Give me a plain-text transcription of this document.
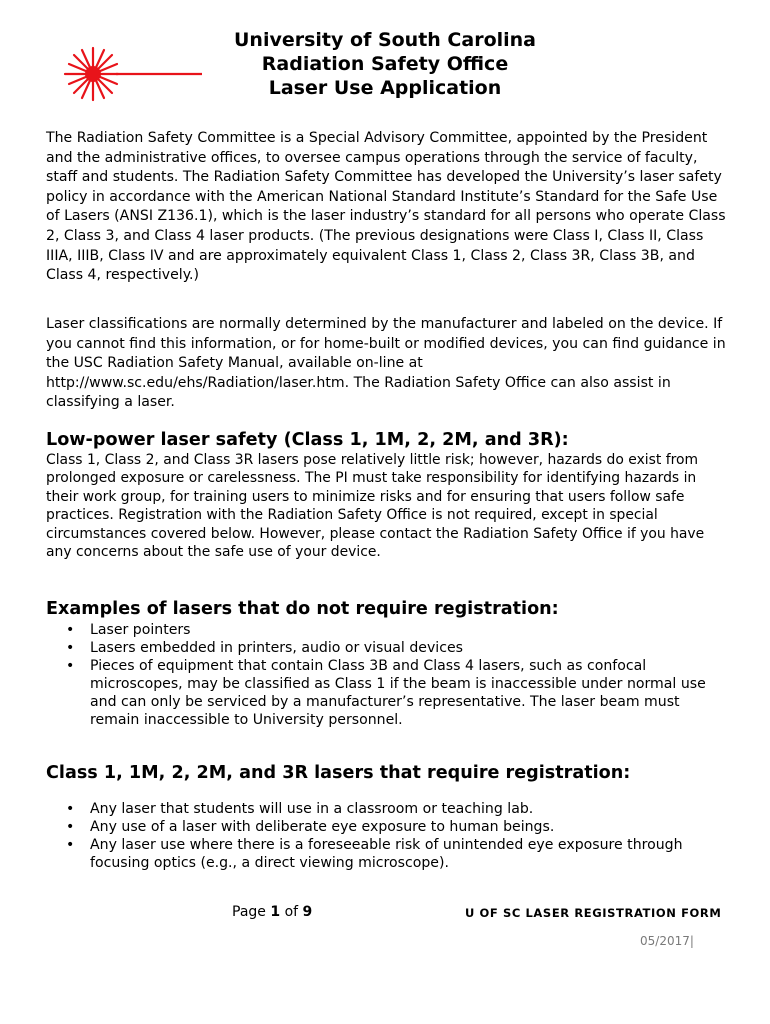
University of South Carolina
Radiation Safety Office
Laser Use Application

The Radiation Safety Committee is a Special Advisory Committee, appointed by the President and the administrative offices, to oversee campus operations through the service of faculty, staff and students. The Radiation Safety Committee has developed the University’s laser safety policy in accordance with the American National Standard Institute’s Standard for the Safe Use of Lasers (ANSI Z136.1), which is the laser industry’s standard for all persons who operate Class 2, Class 3, and Class 4 laser products. (The previous designations were Class I, Class II, Class IIIA, IIIB, Class IV and are approximately equivalent Class 1, Class 2, Class 3R, Class 3B, and Class 4, respectively.)

Laser classifications are normally determined by the manufacturer and labeled on the device. If you cannot find this information, or for home-built or modified devices, you can find guidance in the USC Radiation Safety Manual, available on-line at http://www.sc.edu/ehs/Radiation/laser.htm. The Radiation Safety Office can also assist in classifying a laser.

Low-power laser safety (Class 1, 1M, 2, 2M, and 3R):

Class 1, Class 2, and Class 3R lasers pose relatively little risk; however, hazards do exist from prolonged exposure or carelessness. The PI must take responsibility for identifying hazards in their work group, for training users to minimize risks and for ensuring that users follow safe practices. Registration with the Radiation Safety Office is not required, except in special circumstances covered below. However, please contact the Radiation Safety Office if you have any concerns about the safe use of your device.

Examples of lasers that do not require registration:
• Laser pointers
• Lasers embedded in printers, audio or visual devices
• Pieces of equipment that contain Class 3B and Class 4 lasers, such as confocal microscopes, may be classified as Class 1 if the beam is inaccessible under normal use and can only be serviced by a manufacturer’s representative. The laser beam must remain inaccessible to University personnel.
Class 1, 1M, 2, 2M, and 3R lasers that require registration:
• Any laser that students will use in a classroom or teaching lab.
• Any use of a laser with deliberate eye exposure to human beings.
• Any laser use where there is a foreseeable risk of unintended eye exposure through focusing optics (e.g., a direct viewing microscope).
Page 1 of 9	U OF SC LASER REGISTRATION FORM
05/2017|
